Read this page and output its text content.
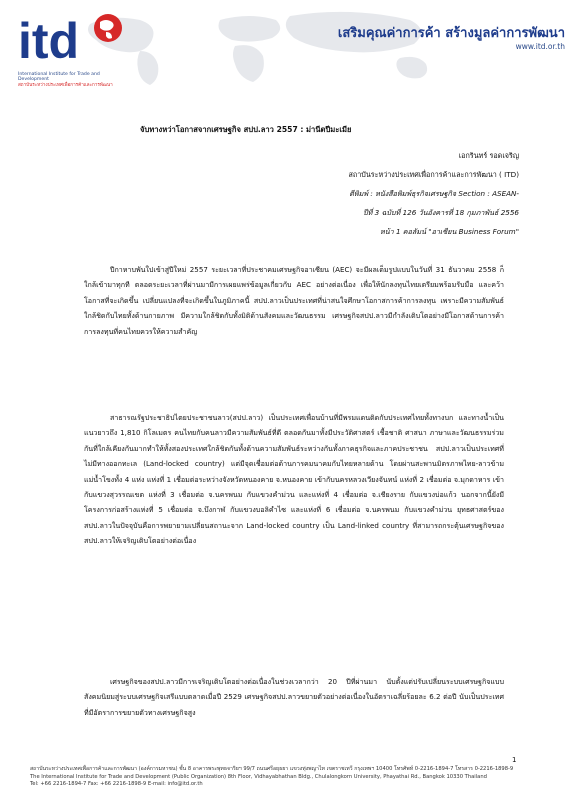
itd
International Institute for Trade and Development
สถาบันระหว่างประเทศเพื่อการค้าและการพัฒนา
เสริมคุณค่าการค้า สร้างมูลค่าการพัฒนา
www.itd.or.th
จับทางหว่าโอกาสจากเศรษฐกิจ สปป.ลาว 2557 : ม่านีตปีมะเมีย
เอกรินทร์ รอดเจริญ
สถาบันระหว่างประเทศเพื่อการค้าและการพัฒนา ( ITD)
ตีพิมพ์ : หนังสือพิมพ์ธุรกิจเศรษฐกิจ Section : ASEAN-
ปีที่ 3 ฉบับที่ 126 วันอังคารที่ 18 กุมภาพันธ์ 2556
หน้า 1 คอลัมน์ "อาเซียน Business Forum"
ปีกาหาบพันใปเข้าสู่ปีใหม่ 2557 ระยะเวลาที่ประชาคมเศรษฐกิจอาเซียน (AEC) จะมีผลเต็มรูปแบบในวันที่ 31 ธันวาคม 2558 ก็ใกล้เข้ามาทุกที ตลอดระยะเวลาที่ผ่านมามีการเผยแพร่ข้อมูลเกี่ยวกับ AEC อย่างต่อเนื่อง เพื่อให้นักลงทุนไทยเตรียมพร้อมรับมือ และคว้าโอกาสที่จะเกิดขึ้น เปลี่ยนแปลงที่จะเกิดขึ้นในภูมิภาคนี้ สปป.ลาวเป็นประเทศที่น่าสนใจศึกษาโอกาสการค้าการลงทุน เพราะมีความสัมพันธ์ใกล้ชิดกับไทยทั้งด้านกายภาพ มีความใกล้ชิดกับทั้งมิติด้านสังคมและวัฒนธรรม เศรษฐกิจสปป.ลาวมีกำลังเติบโตอย่างมีโอกาสด้านการค้าการลงทุนที่คนไทยควรให้ความสำคัญ
สาธารณรัฐประชาธิปไตยประชาชนลาว(สปป.ลาว) เป็นประเทศเพื่อนบ้านที่มีพรมแดนติดกับประเทศไทยทั้งทางบก และทางน้ำเป็นแนวยาวถึง 1,810 กิโลเมตร คนไทยกับคนลาวมีความสัมพันธ์ที่ดี ตลอดกันมาทั้งมีประวัติศาสตร์ เชื้อชาติ ศาสนา ภาษาและวัฒนธรรมร่วมกันที่ใกล้เคียงกันมากทำให้ทั้งสองประเทศใกล้ชิดกันทั้งด้านความสัมพันธ์ระหว่างกันทั้งภาคธุรกิจและภาคประชาชน สปป.ลาวเป็นประเทศที่ไม่มีทางออกทะเล (Land-locked country) แต่มีจุดเชื่อมต่อด้านการคมนาคมกับไทยหลายด้าน โดยผ่านสะพานมิตรภาพไทย-ลาวข้ามแม่น้ำโขงทั้ง 4 แห่ง แห่งที่ 1 เชื่อมต่อระหว่างจังหวัดหนองคาย จ.หนองคาย เข้ากับนครหลวงเวียงจันทน์ แห่งที่ 2 เชื่อมต่อ จ.มุกดาหาร เข้ากับแขวงสุวรรณเขต แห่งที่ 3 เชื่อมต่อ จ.นครพนม กับแขวงคำม่วน และแห่งที่ 4 เชื่อมต่อ จ.เชียงราย กับแขวงบ่อแก้ว นอกจากนี้ยังมีโครงการก่อสร้างแห่งที่ 5 เชื่อมต่อ จ.บึงกาฬ กับแขวงบอลิคำไซ และแห่งที่ 6 เชื่อมต่อ จ.นครพนม กับแขวงคำม่วน ยุทธศาสตร์ของสปป.ลาวในปัจจุบันคือการพยายามเปลี่ยนสถานะจาก Land-locked country เป็น Land-linked country ที่สามารถกระตุ้นเศรษฐกิจของสปป.ลาวให้เจริญเติบโตอย่างต่อเนื่อง
เศรษฐกิจของสปป.ลาวมีการเจริญเติบโตอย่างต่อเนื่องในช่วงเวลากว่า 20 ปีที่ผ่านมา นับตั้งแต่ปรับเปลี่ยนระบบเศรษฐกิจแบบสังคมนิยมสู่ระบบเศรษฐกิจเสรีแบบตลาดเมื่อปี 2529 เศรษฐกิจสปป.ลาวขยายตัวอย่างต่อเนื่องในอัตราเฉลี่ยร้อยละ 6.2 ต่อปี นับเป็นประเทศที่มีอัตราการขยายตัวทางเศรษฐกิจสูง
1
สถาบันระหว่างประเทศเพื่อการค้าและการพัฒนา (องค์การมหาชน) ชั้น 8 อาคารพระพุทธจาริยฯ 99/7 ถนนศรีอยุธยา แขวงทุ่งพญาไท เขตราชเทวี กรุงเทพฯ 10400 โทรศัพท์ 0-2216-1894-7 โทรสาร 0-2216-1898-9
The International Institute for Trade and Development (Public Organization) 8th Floor, Vidhayabhathan Bldg., Chulalongkorn University, Phayathai Rd., Bangkok 10330 Thailand
Tel: +66 2216-1894-7 Fax: +66 2216-1898-9 E-mail: info@itd.or.th
